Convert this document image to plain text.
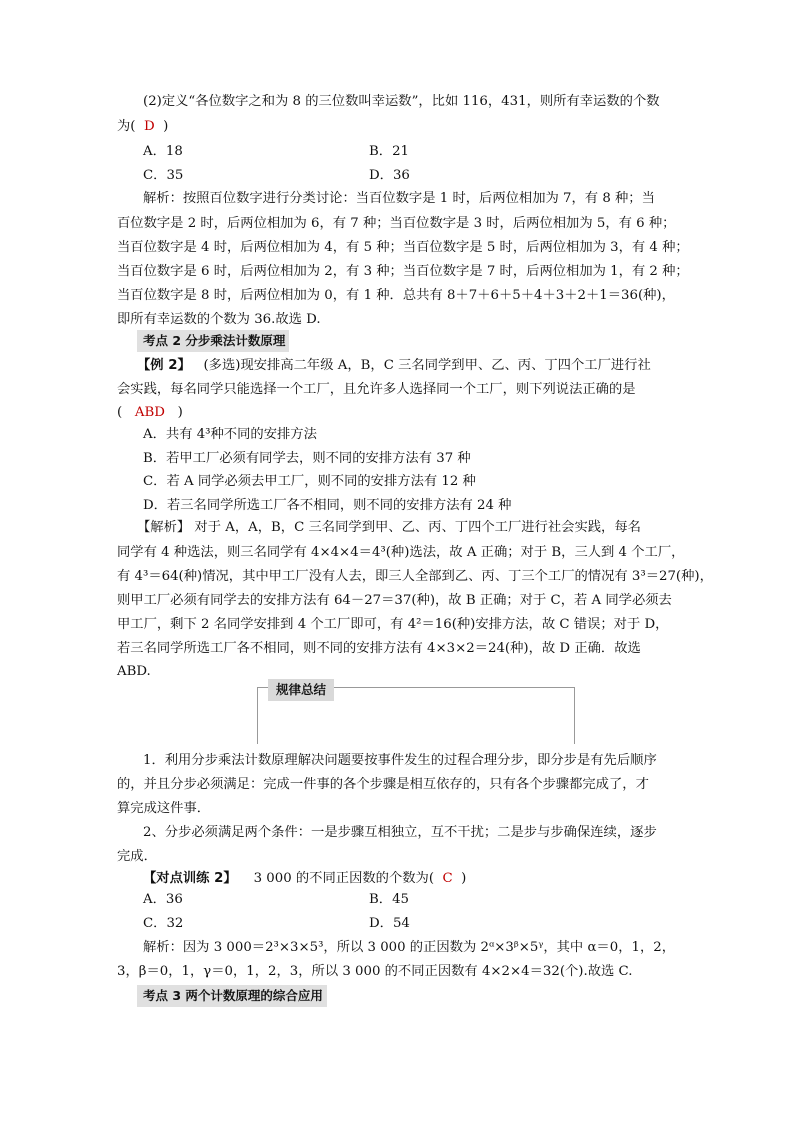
(2)定义“各位数字之和为 8 的三位数叫幸运数”，比如 116，431，则所有幸运数的个数
为( D )
A．18	B．21
C．35	D．36
解析：按照百位数字进行分类讨论：当百位数字是 1 时，后两位相加为 7，有 8 种；当
百位数字是 2 时，后两位相加为 6，有 7 种；当百位数字是 3 时，后两位相加为 5，有 6 种；
当百位数字是 4 时，后两位相加为 4，有 5 种；当百位数字是 5 时，后两位相加为 3，有 4 种；
当百位数字是 6 时，后两位相加为 2，有 3 种；当百位数字是 7 时，后两位相加为 1，有 2 种；
当百位数字是 8 时，后两位相加为 0，有 1 种．总共有 8＋7＋6＋5＋4＋3＋2＋1＝36(种)，
即所有幸运数的个数为 36.故选 D.
考点 2 分步乘法计数原理
【例 2】 (多选)现安排高二年级 A，B，C 三名同学到甲、乙、丙、丁四个工厂进行社
会实践，每名同学只能选择一个工厂，且允许多人选择同一个工厂，则下列说法正确的是
( ABD )
A．共有 4³种不同的安排方法
B．若甲工厂必须有同学去，则不同的安排方法有 37 种
C．若 A 同学必须去甲工厂，则不同的安排方法有 12 种
D．若三名同学所选工厂各不相同，则不同的安排方法有 24 种
【解析】 对于 A，A，B，C 三名同学到甲、乙、丙、丁四个工厂进行社会实践，每名
同学有 4 种选法，则三名同学有 4×4×4＝4³(种)选法，故 A 正确；对于 B，三人到 4 个工厂，
有 4³＝64(种)情况，其中甲工厂没有人去，即三人全部到乙、丙、丁三个工厂的情况有 3³＝27(种)，
则甲工厂必须有同学去的安排方法有 64－27＝37(种)，故 B 正确；对于 C，若 A 同学必须去
甲工厂，剩下 2 名同学安排到 4 个工厂即可，有 4²＝16(种)安排方法，故 C 错误；对于 D，
若三名同学所选工厂各不相同，则不同的安排方法有 4×3×2＝24(种)，故 D 正确．故选
ABD.
规律总结
1．利用分步乘法计数原理解决问题要按事件发生的过程合理分步，即分步是有先后顺序
的，并且分步必须满足：完成一件事的各个步骤是相互依存的，只有各个步骤都完成了，才
算完成这件事．
2、分步必须满足两个条件：一是步骤互相独立，互不干扰；二是步与步确保连续，逐步
完成．
【对点训练 2】 3 000 的不同正因数的个数为( C )
A．36	B．45
C．32	D．54
解析：因为 3 000＝2³×3×5³，所以 3 000 的正因数为 2ᵅ×3ᵝ×5ᵞ，其中 α＝0，1，2，
3，β＝0，1，γ＝0，1，2，3，所以 3 000 的不同正因数有 4×2×4＝32(个).故选 C.
考点 3 两个计数原理的综合应用
